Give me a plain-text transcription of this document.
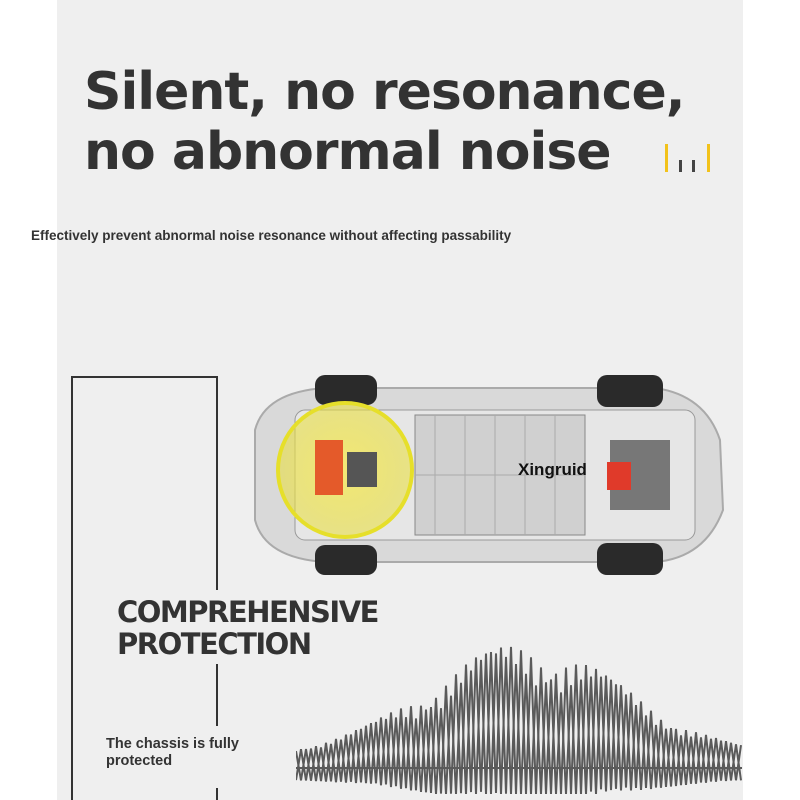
Silent, no resonance,
no abnormal noise
Effectively prevent abnormal noise resonance without affecting passability
Xingruid
COMPREHENSIVE
PROTECTION
The chassis is fully
protected
